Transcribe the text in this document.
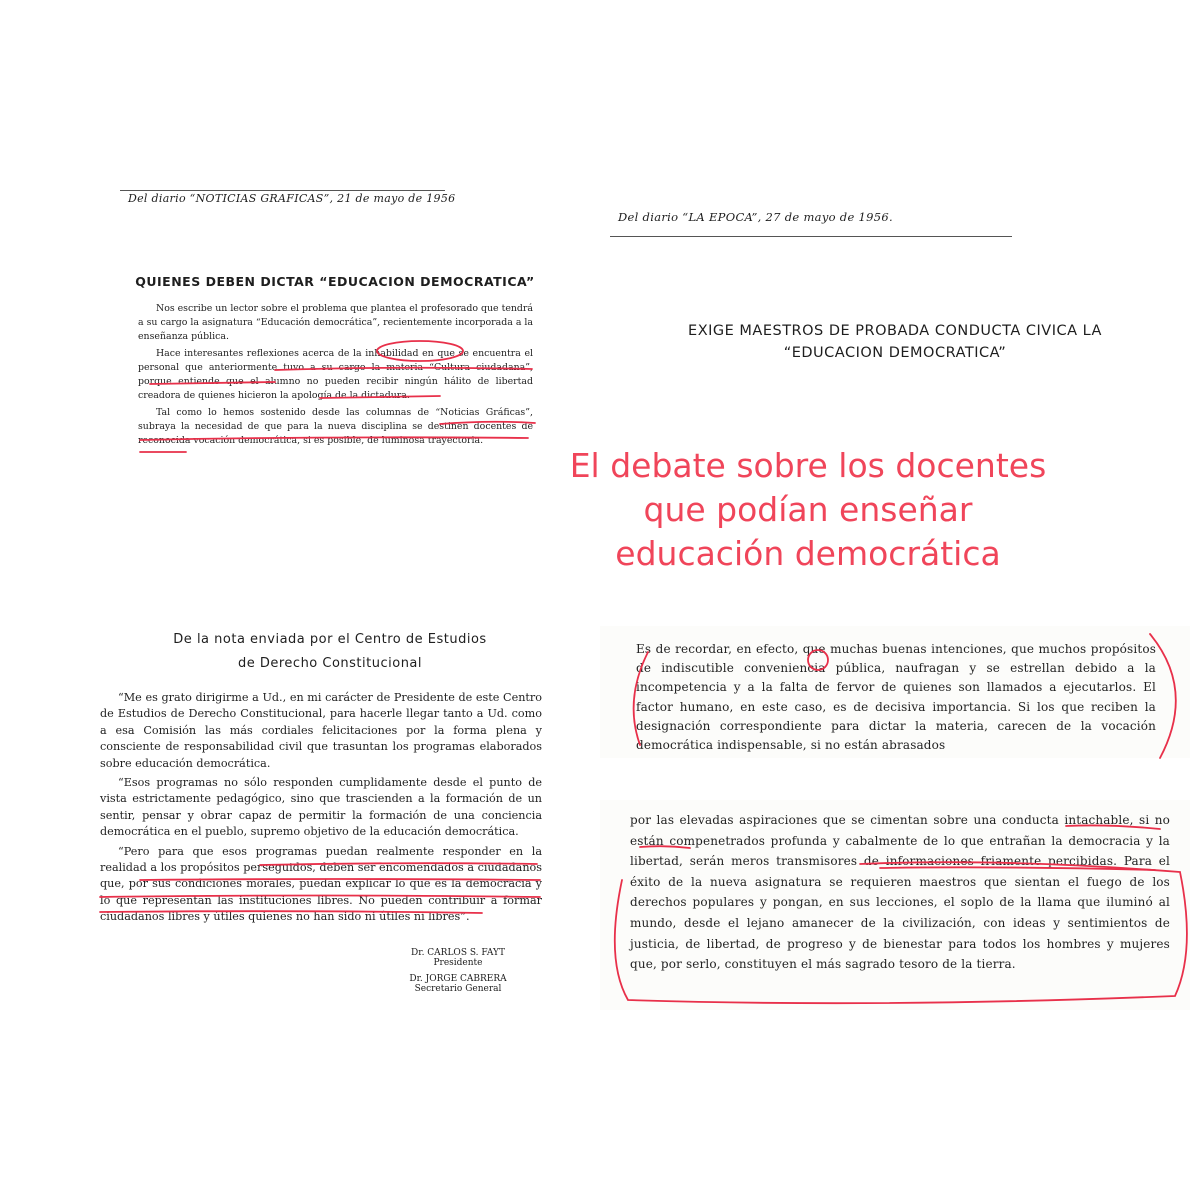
Del diario “NOTICIAS GRAFICAS”, 21 de mayo de 1956
QUIENES DEBEN DICTAR “EDUCACION DEMOCRATICA”

Nos escribe un lector sobre el problema que plantea el profesorado que tendrá a su cargo la asignatura “Educación democrática”, recientemente incorporada a la enseñanza pública.

Hace interesantes reflexiones acerca de la inhabilidad en que se encuentra el personal que anteriormente tuvo a su cargo la materia “Cultura ciudadana”, porque entiende que el alumno no pueden recibir ningún hálito de libertad creadora de quienes hicieron la apología de la dictadura.

Tal como lo hemos sostenido desde las columnas de “Noticias Gráficas”, subraya la necesidad de que para la nueva disciplina se destinen docentes de reconocida vocación democrática, si es posible, de luminosa trayectoria.

Del diario “LA EPOCA”, 27 de mayo de 1956.
EXIGE MAESTROS DE PROBADA CONDUCTA CIVICA LA
“EDUCACION DEMOCRATICA”
El debate sobre los docentes
que podían enseñar
educación democrática
De la nota enviada por el Centro de Estudios
de Derecho Constitucional

“Me es grato dirigirme a Ud., en mi carácter de Presidente de este Centro de Estudios de Derecho Constitucional, para hacerle llegar tanto a Ud. como a esa Comisión las más cordiales felicitaciones por la forma plena y consciente de responsabilidad civil que trasuntan los programas elaborados sobre educación democrática.

“Esos programas no sólo responden cumplidamente desde el punto de vista estrictamente pedagógico, sino que trascienden a la formación de un sentir, pensar y obrar capaz de permitir la formación de una conciencia democrática en el pueblo, supremo objetivo de la educación democrática.

“Pero para que esos programas puedan realmente responder en la realidad a los propósitos perseguidos, deben ser encomendados a ciudadanos que, por sus condiciones morales, puedan explicar lo que es la democracia y lo que representan las instituciones libres. No pueden contribuir a formar ciudadanos libres y útiles quienes no han sido ni útiles ni libres”.

Dr. CARLOS S. FAYT
Presidente
Dr. JORGE CABRERA
Secretario General
Es de recordar, en efecto, que muchas buenas intenciones, que muchos propósitos de indiscutible conveniencia pública, naufragan y se estrellan debido a la incompetencia y a la falta de fervor de quienes son llamados a ejecutarlos. El factor humano, en este caso, es de decisiva importancia. Si los que reciben la designación correspondiente para dictar la materia, carecen de la vocación democrática indispensable, si no están abrasados
por las elevadas aspiraciones que se cimentan sobre una conducta intachable, si no están compenetrados profunda y cabalmente de lo que entrañan la democracia y la libertad, serán meros transmisores de informaciones friamente percibidas. Para el éxito de la nueva asignatura se requieren maestros que sientan el fuego de los derechos populares y pongan, en sus lecciones, el soplo de la llama que iluminó al mundo, desde el lejano amanecer de la civilización, con ideas y sentimientos de justicia, de libertad, de progreso y de bienestar para todos los hombres y mujeres que, por serlo, constituyen el más sagrado tesoro de la tierra.
